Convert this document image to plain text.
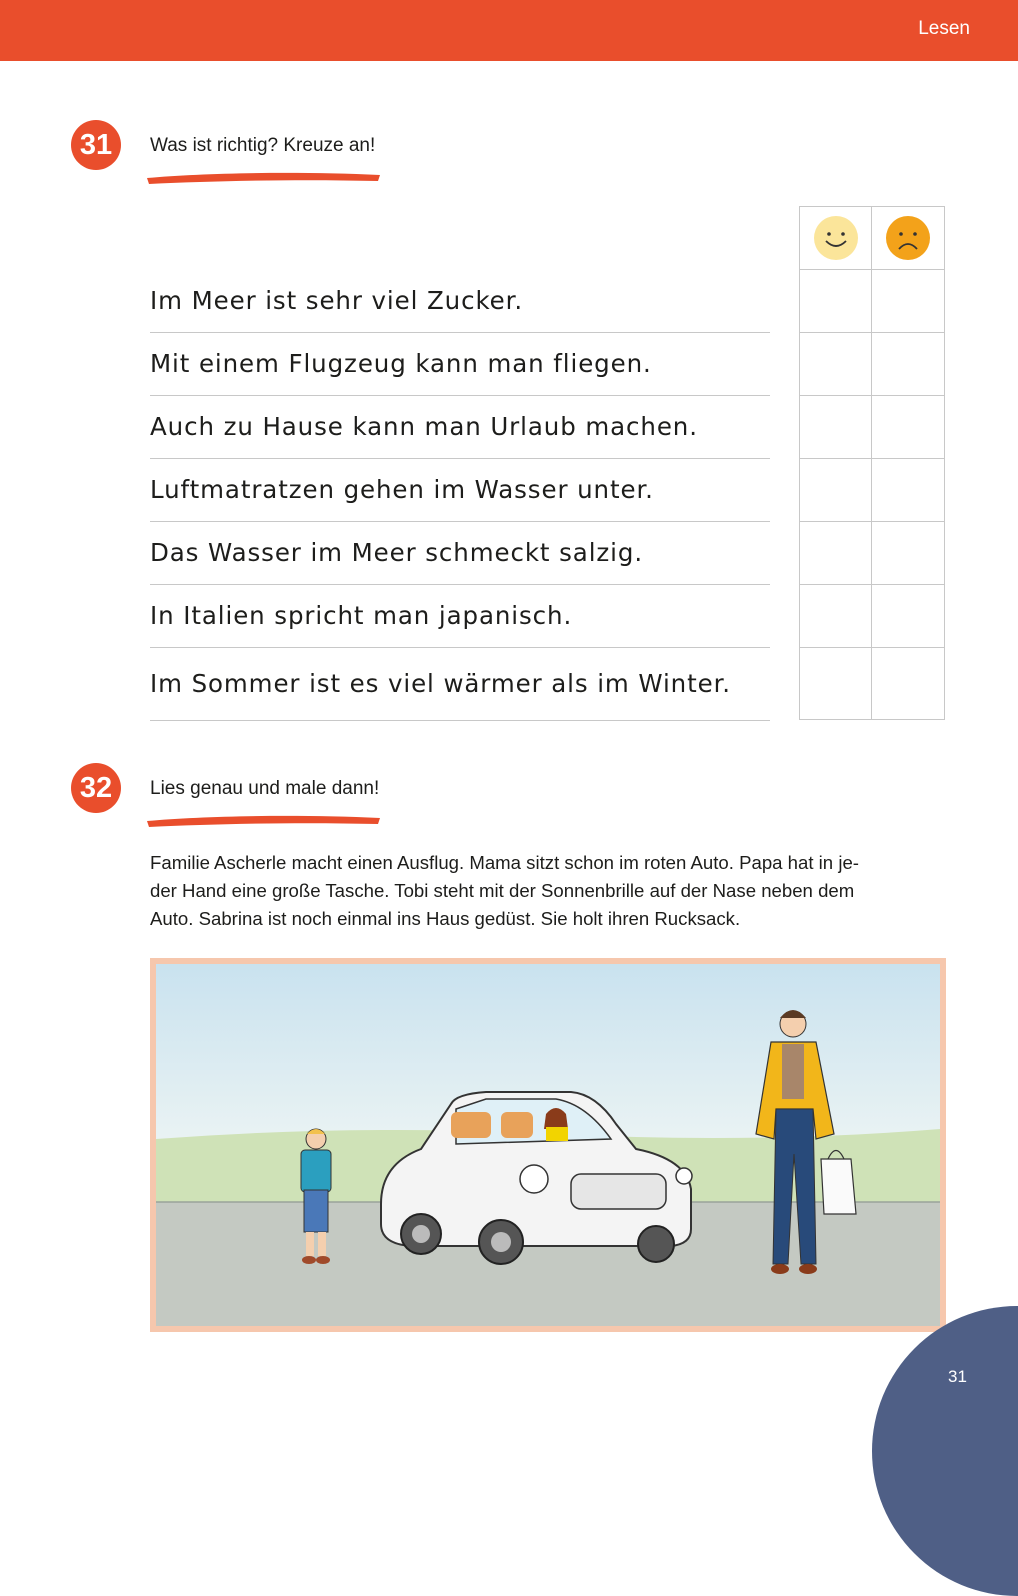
Lesen
31	Was ist richtig? Kreuze an!
Im Meer ist sehr viel Zucker.
Mit einem Flugzeug kann man fliegen.
Auch zu Hause kann man Urlaub machen.
Luftmatratzen gehen im Wasser unter.
Das Wasser im Meer schmeckt salzig.
In Italien spricht man japanisch.
Im Sommer ist es viel wärmer als im Winter.
32	Lies genau und male dann!
Familie Ascherle macht einen Ausflug. Mama sitzt schon im roten Auto. Papa hat in je-
der Hand eine große Tasche. Tobi steht mit der Sonnenbrille auf der Nase neben dem
Auto. Sabrina ist noch einmal ins Haus gedüst. Sie holt ihren Rucksack.
31
